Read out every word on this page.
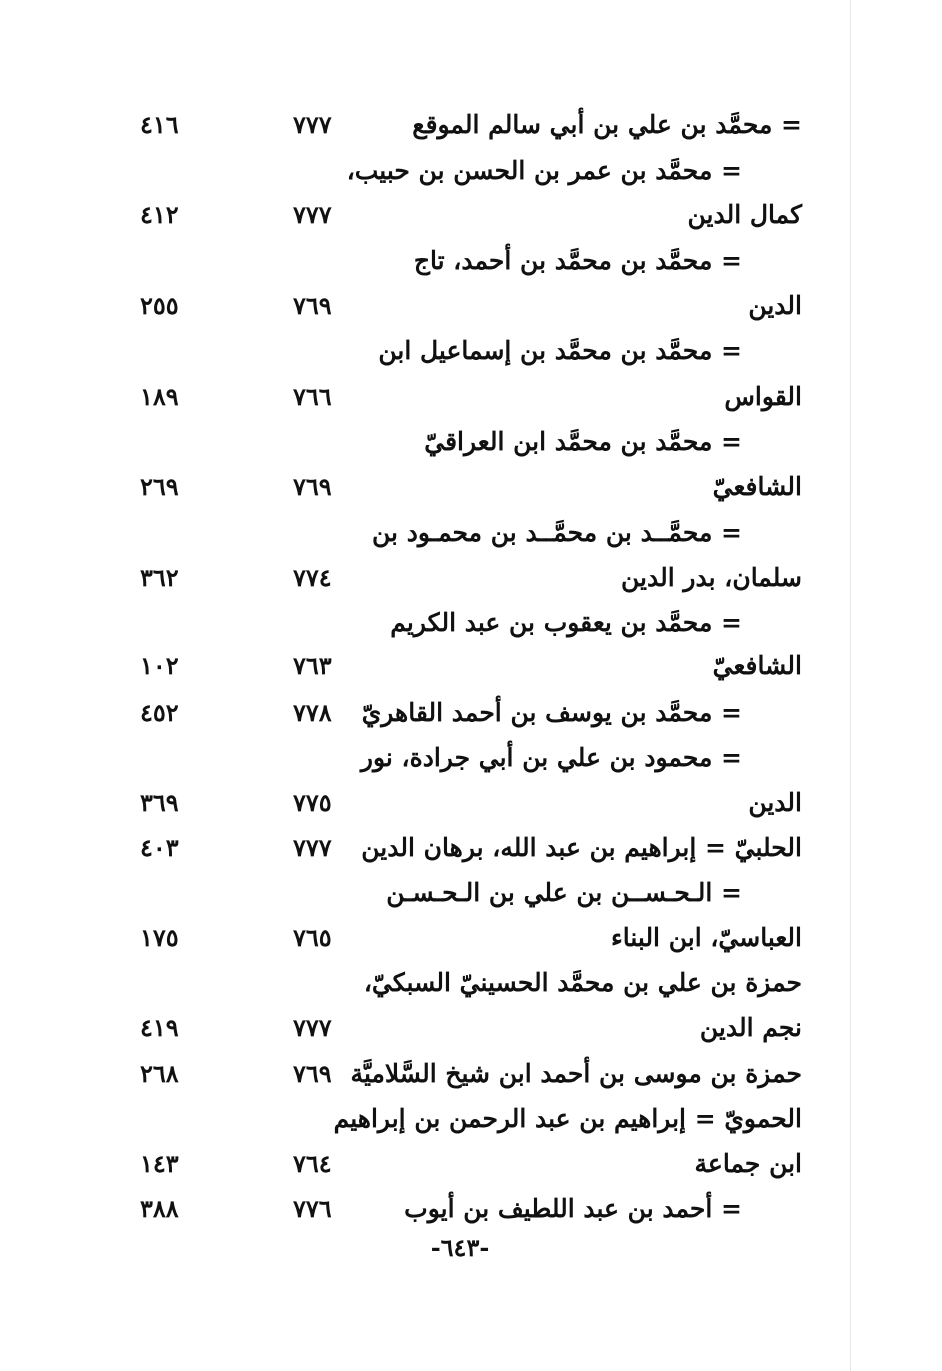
= محمَّد بن علي بن أبي سالم الموقع
٧٧٧
٤١٦
= محمَّد بن عمر بن الحسن بن حبيب،
كمال الدين
٧٧٧
٤١٢
= محمَّد بن محمَّد بن أحمد، تاج
الدين
٧٦٩
٢٥٥
= محمَّد بن محمَّد بن إسماعيل ابن
القواس
٧٦٦
١٨٩
= محمَّد بن محمَّد ابن العراقيّ
الشافعيّ
٧٦٩
٢٦٩
= محمَّــد بن محمَّــد بن محمـود بن
سلمان، بدر الدين
٧٧٤
٣٦٢
= محمَّد بن يعقوب بن عبد الكريم
الشافعيّ
٧٦٣
١٠٢
= محمَّد بن يوسف بن أحمد القاهريّ
٧٧٨
٤٥٢
= محمود بن علي بن أبي جرادة، نور
الدين
٧٧٥
٣٦٩
الحلبيّ = إبراهيم بن عبد الله، برهان الدين
٧٧٧
٤٠٣
= الـحـســن بن علي بن الـحـسـن
العباسيّ، ابن البناء
٧٦٥
١٧٥
حمزة بن علي بن محمَّد الحسينيّ السبكيّ،
نجم الدين
٧٧٧
٤١٩
حمزة بن موسى بن أحمد ابن شيخ السَّلاميَّة
٧٦٩
٢٦٨
الحمويّ = إبراهيم بن عبد الرحمن بن إبراهيم
ابن جماعة
٧٦٤
١٤٣
= أحمد بن عبد اللطيف بن أيوب
٧٧٦
٣٨٨
-٦٤٣-
